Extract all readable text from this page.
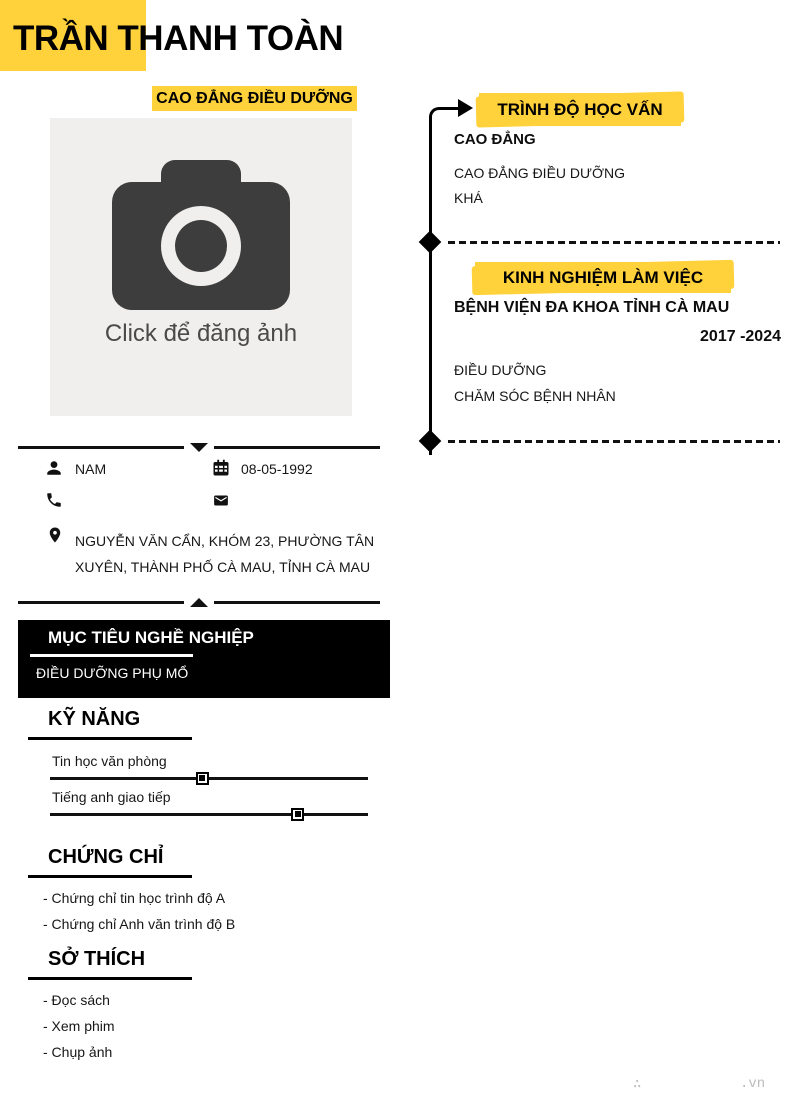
TRẦN THANH TOÀN
CAO ĐẲNG ĐIỀU DƯỠNG
Click để đăng ảnh
NAM	08-05-1992
NGUYỄN VĂN CẨN, KHÓM 23, PHƯỜNG TÂN XUYÊN, THÀNH PHỐ CÀ MAU, TỈNH CÀ MAU
MỤC TIÊU NGHỀ NGHIỆP
ĐIỀU DƯỠNG PHỤ MỔ
KỸ NĂNG
Tin học văn phòng
Tiếng anh giao tiếp
CHỨNG CHỈ
- Chứng chỉ tin học trình độ A
- Chứng chỉ Anh văn trình độ B
SỞ THÍCH
- Đọc sách
- Xem phim
- Chụp ảnh
TRÌNH ĐỘ HỌC VẤN
CAO ĐẲNG
CAO ĐẲNG ĐIỀU DƯỠNG
KHÁ
KINH NGHIỆM LÀM VIỆC
BỆNH VIỆN ĐA KHOA TỈNH CÀ MAU
2017 -2024
ĐIỀU DƯỠNG
CHĂM SÓC BỆNH NHÂN
∴	.vn
